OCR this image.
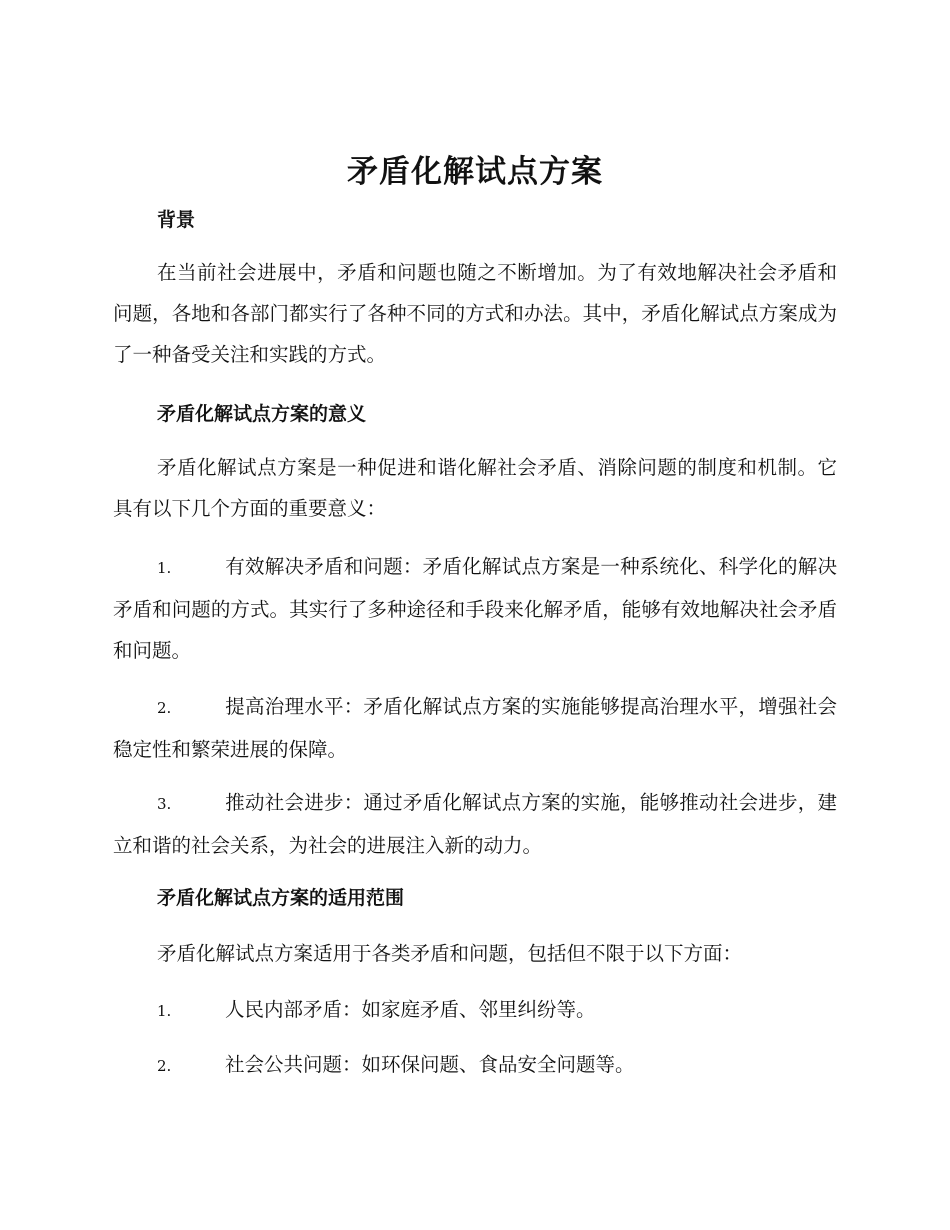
矛盾化解试点方案
背景

在当前社会进展中，矛盾和问题也随之不断增加。为了有效地解决社会矛盾和问题，各地和各部门都实行了各种不同的方式和办法。其中，矛盾化解试点方案成为了一种备受关注和实践的方式。

矛盾化解试点方案的意义

矛盾化解试点方案是一种促进和谐化解社会矛盾、消除问题的制度和机制。它具有以下几个方面的重要意义：

1.	有效解决矛盾和问题：矛盾化解试点方案是一种系统化、科学化的解决矛盾和问题的方式。其实行了多种途径和手段来化解矛盾，能够有效地解决社会矛盾和问题。

2.	提高治理水平：矛盾化解试点方案的实施能够提高治理水平，增强社会稳定性和繁荣进展的保障。

3.	推动社会进步：通过矛盾化解试点方案的实施，能够推动社会进步，建立和谐的社会关系，为社会的进展注入新的动力。

矛盾化解试点方案的适用范围

矛盾化解试点方案适用于各类矛盾和问题，包括但不限于以下方面：

1.	人民内部矛盾：如家庭矛盾、邻里纠纷等。

2.	社会公共问题：如环保问题、食品安全问题等。
